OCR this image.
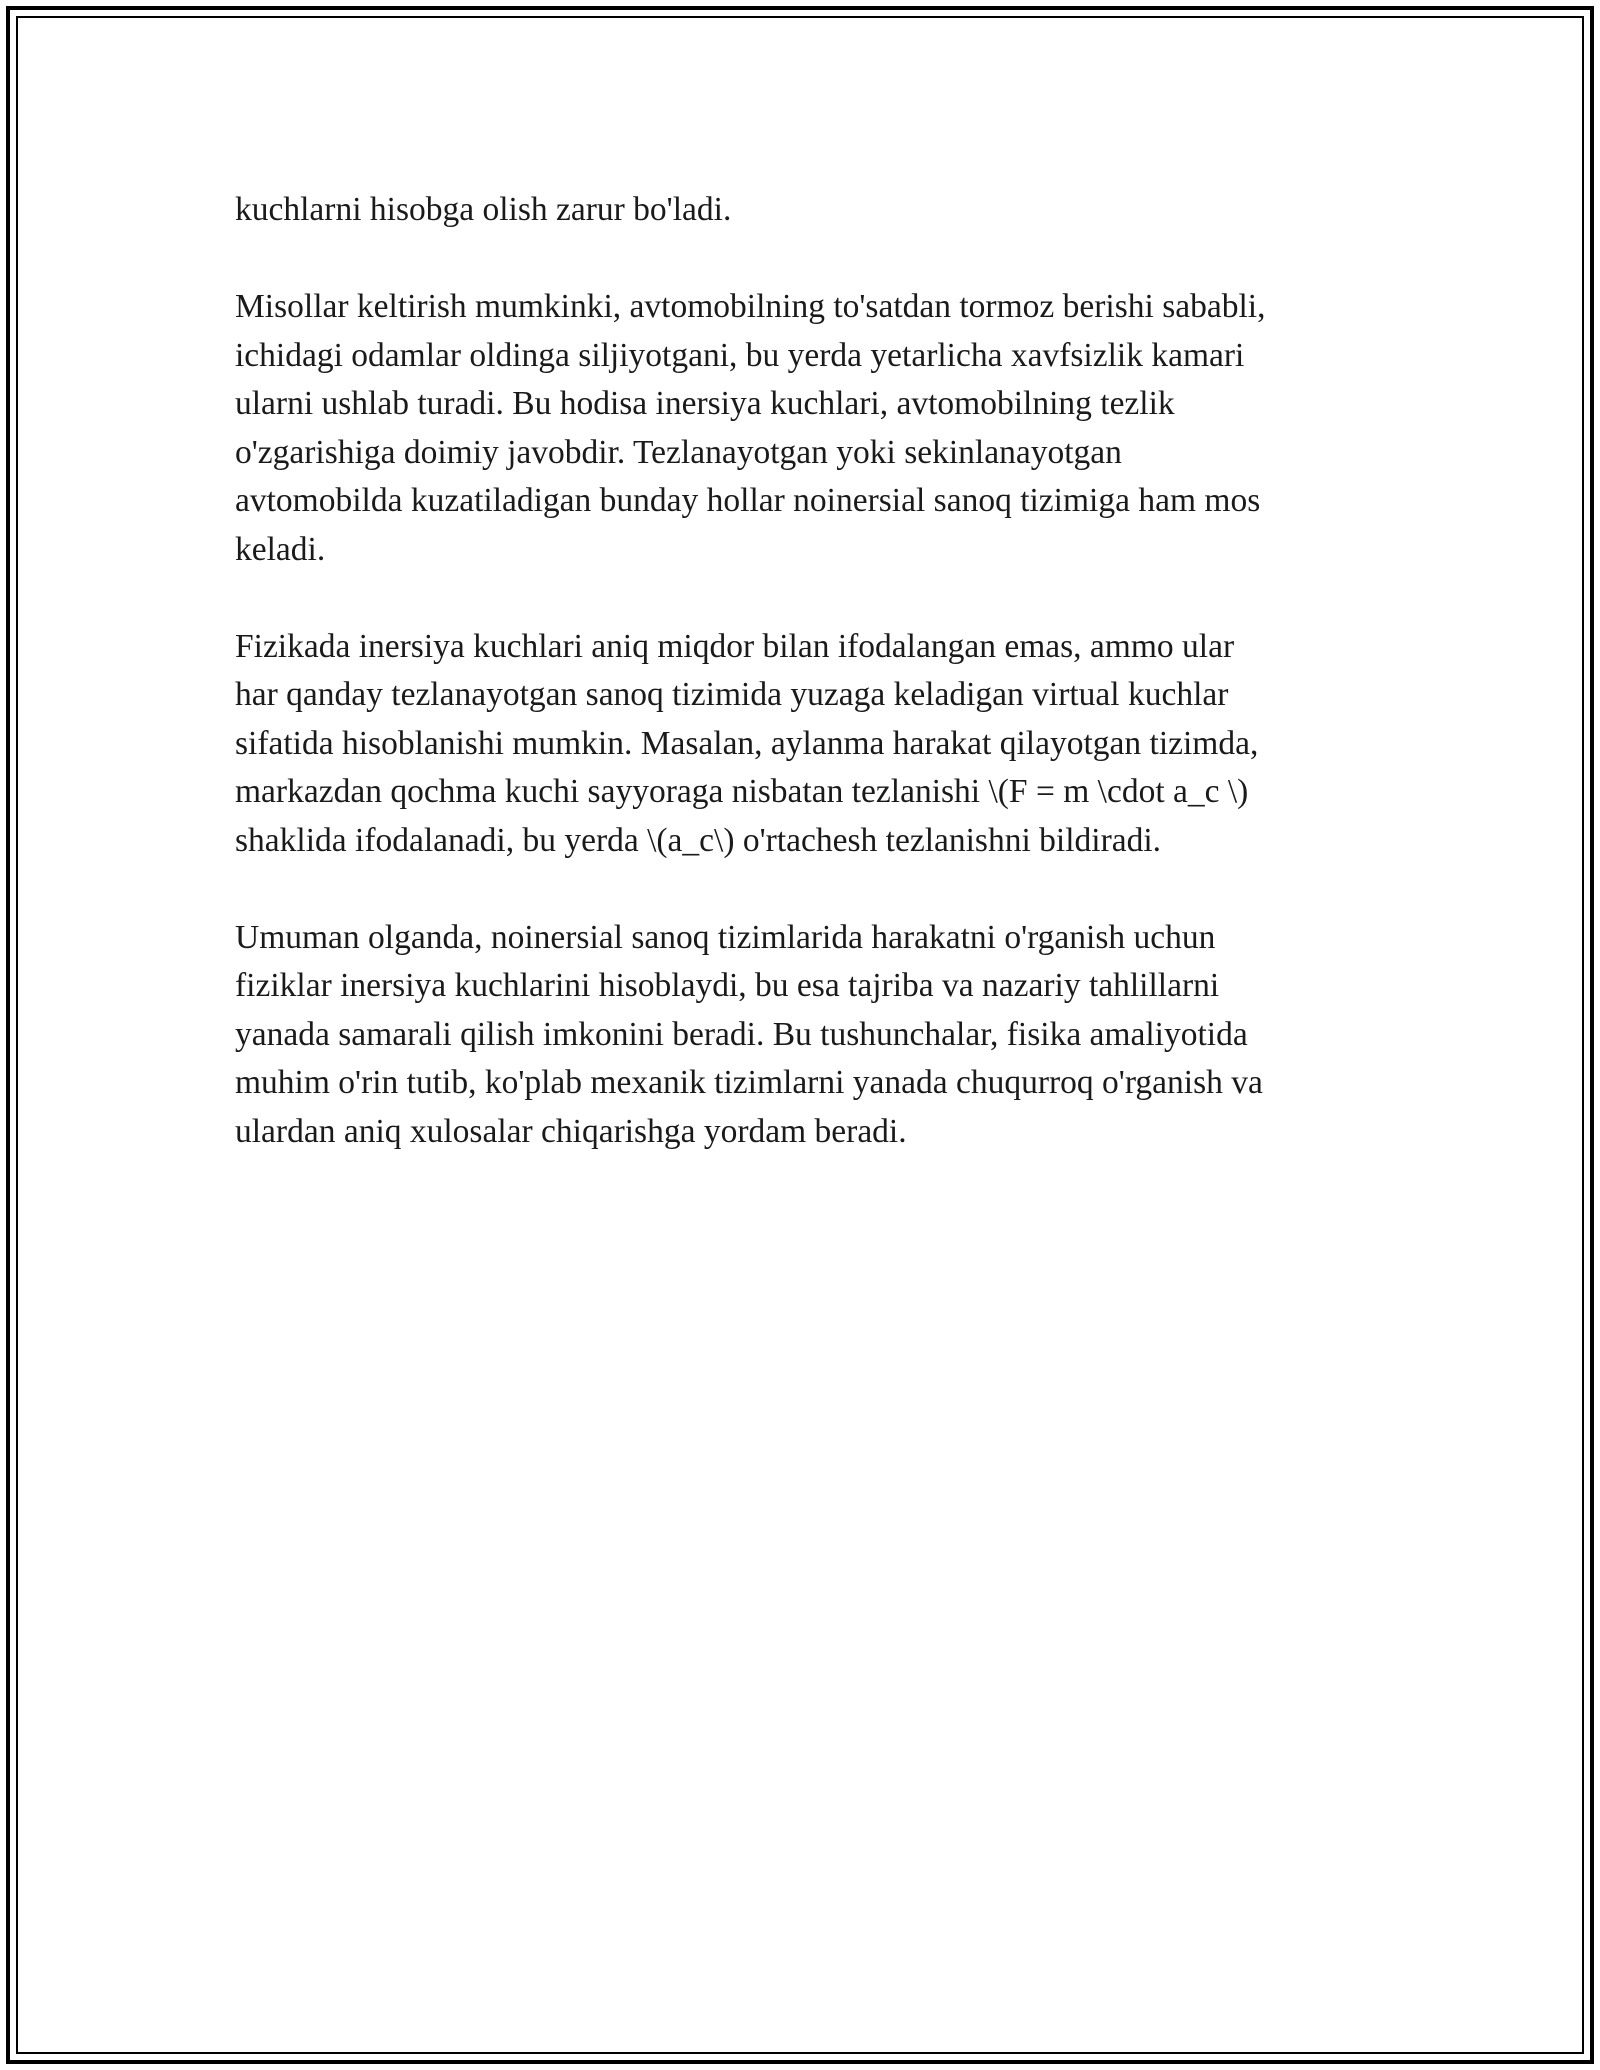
kuchlarni hisobga olish zarur bo'ladi.

Misollar keltirish mumkinki, avtomobilning to'satdan tormoz berishi sababli,
ichidagi odamlar oldinga siljiyotgani, bu yerda yetarlicha xavfsizlik kamari
ularni ushlab turadi. Bu hodisa inersiya kuchlari, avtomobilning tezlik
o'zgarishiga doimiy javobdir. Tezlanayotgan yoki sekinlanayotgan
avtomobilda kuzatiladigan bunday hollar noinersial sanoq tizimiga ham mos
keladi.

Fizikada inersiya kuchlari aniq miqdor bilan ifodalangan emas, ammo ular
har qanday tezlanayotgan sanoq tizimida yuzaga keladigan virtual kuchlar
sifatida hisoblanishi mumkin. Masalan, aylanma harakat qilayotgan tizimda,
markazdan qochma kuchi sayyoraga nisbatan tezlanishi \(F = m \cdot a_c \)
shaklida ifodalanadi, bu yerda \(a_c\) o'rtachesh tezlanishni bildiradi.

Umuman olganda, noinersial sanoq tizimlarida harakatni o'rganish uchun
fiziklar inersiya kuchlarini hisoblaydi, bu esa tajriba va nazariy tahlillarni
yanada samarali qilish imkonini beradi. Bu tushunchalar, fisika amaliyotida
muhim o'rin tutib, ko'plab mexanik tizimlarni yanada chuqurroq o'rganish va
ulardan aniq xulosalar chiqarishga yordam beradi.
